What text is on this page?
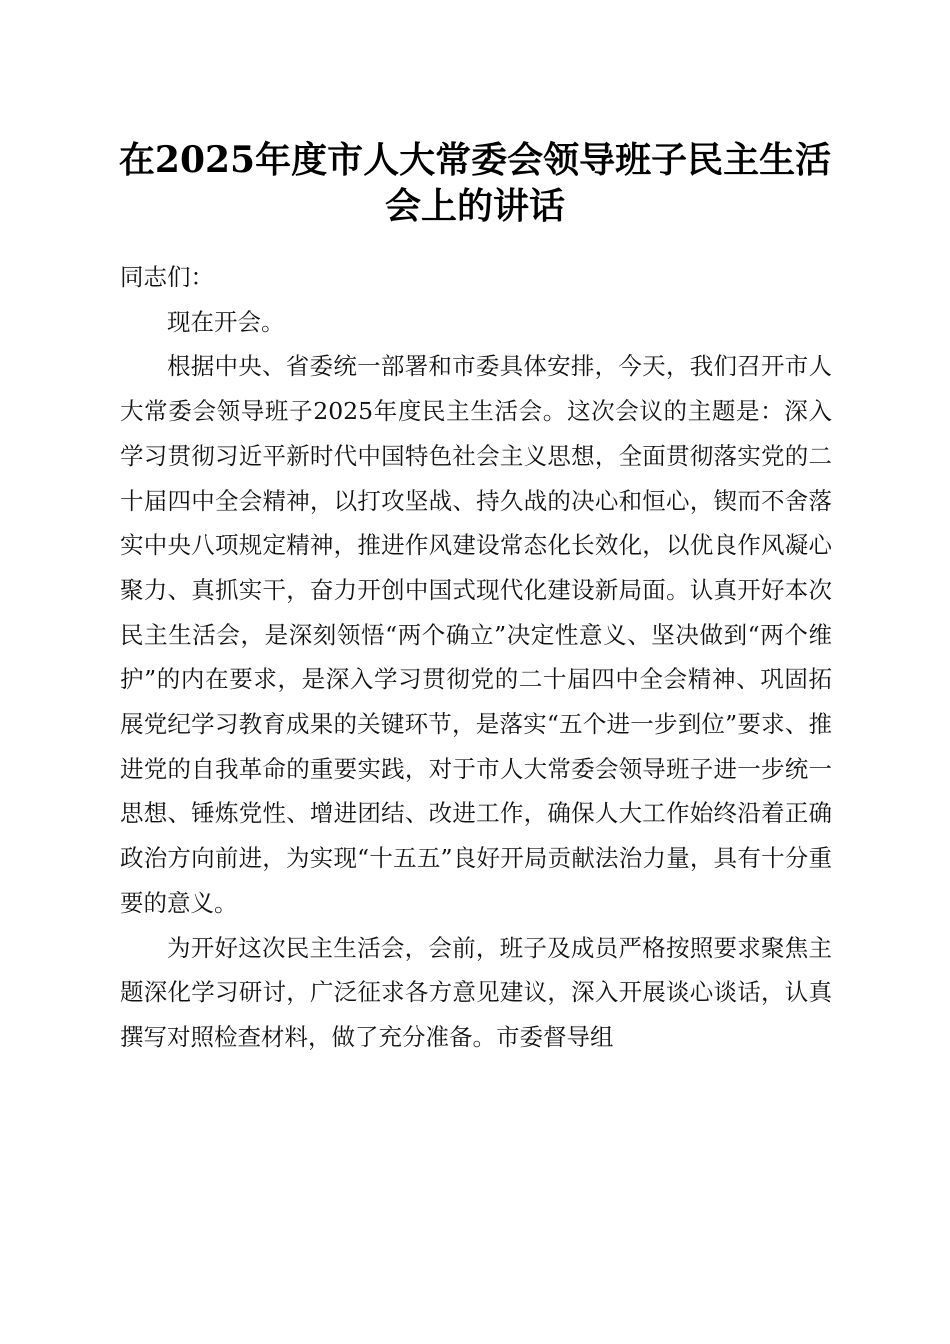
在2025年度市人大常委会领导班子民主生活
会上的讲话

同志们：

现在开会。

根据中央、省委统一部署和市委具体安排，今天，我们召开市人大常委会领导班子2025年度民主生活会。这次会议的主题是：深入学习贯彻习近平新时代中国特色社会主义思想，全面贯彻落实党的二十届四中全会精神，以打攻坚战、持久战的决心和恒心，锲而不舍落实中央八项规定精神，推进作风建设常态化长效化，以优良作风凝心聚力、真抓实干，奋力开创中国式现代化建设新局面。认真开好本次民主生活会，是深刻领悟“两个确立”决定性意义、坚决做到“两个维护”的内在要求，是深入学习贯彻党的二十届四中全会精神、巩固拓展党纪学习教育成果的关键环节，是落实“五个进一步到位”要求、推进党的自我革命的重要实践，对于市人大常委会领导班子进一步统一思想、锤炼党性、增进团结、改进工作，确保人大工作始终沿着正确政治方向前进，为实现“十五五”良好开局贡献法治力量，具有十分重要的意义。

为开好这次民主生活会，会前，班子及成员严格按照要求聚焦主题深化学习研讨，广泛征求各方意见建议，深入开展谈心谈话，认真撰写对照检查材料，做了充分准备。市委督导组
